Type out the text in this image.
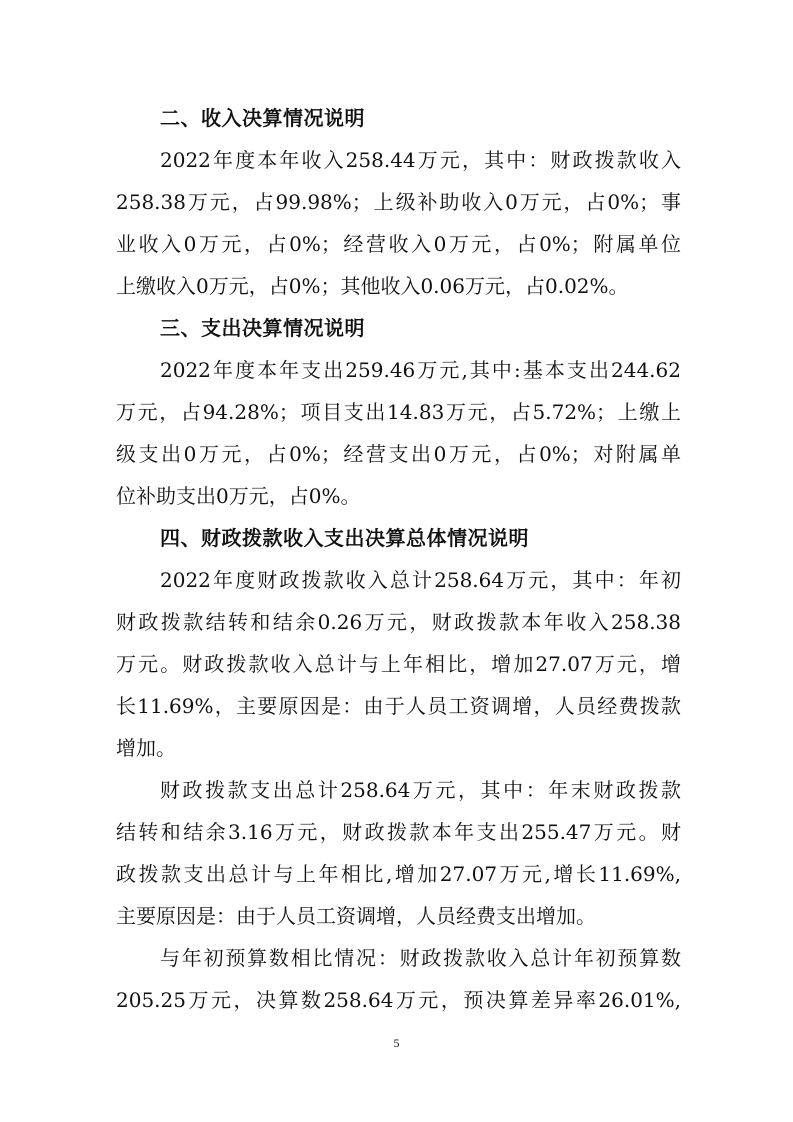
二、收入决算情况说明
2022年度本年收入258.44万元，其中：财政拨款收入
258.38万元，占99.98%；上级补助收入0万元，占0%；事
业收入0万元，占0%；经营收入0万元，占0%；附属单位
上缴收入0万元，占0%；其他收入0.06万元，占0.02%。
三、支出决算情况说明
2022年度本年支出259.46万元,其中:基本支出244.62
万元，占94.28%；项目支出14.83万元，占5.72%；上缴上
级支出0万元，占0%；经营支出0万元，占0%；对附属单
位补助支出0万元，占0%。
四、财政拨款收入支出决算总体情况说明
2022年度财政拨款收入总计258.64万元，其中：年初
财政拨款结转和结余0.26万元，财政拨款本年收入258.38
万元。财政拨款收入总计与上年相比，增加27.07万元，增
长11.69%，主要原因是：由于人员工资调增，人员经费拨款
增加。
财政拨款支出总计258.64万元，其中：年末财政拨款
结转和结余3.16万元，财政拨款本年支出255.47万元。财
政拨款支出总计与上年相比,增加27.07万元,增长11.69%,
主要原因是：由于人员工资调增，人员经费支出增加。
与年初预算数相比情况：财政拨款收入总计年初预算数
205.25万元，决算数258.64万元，预决算差异率26.01%,
5
